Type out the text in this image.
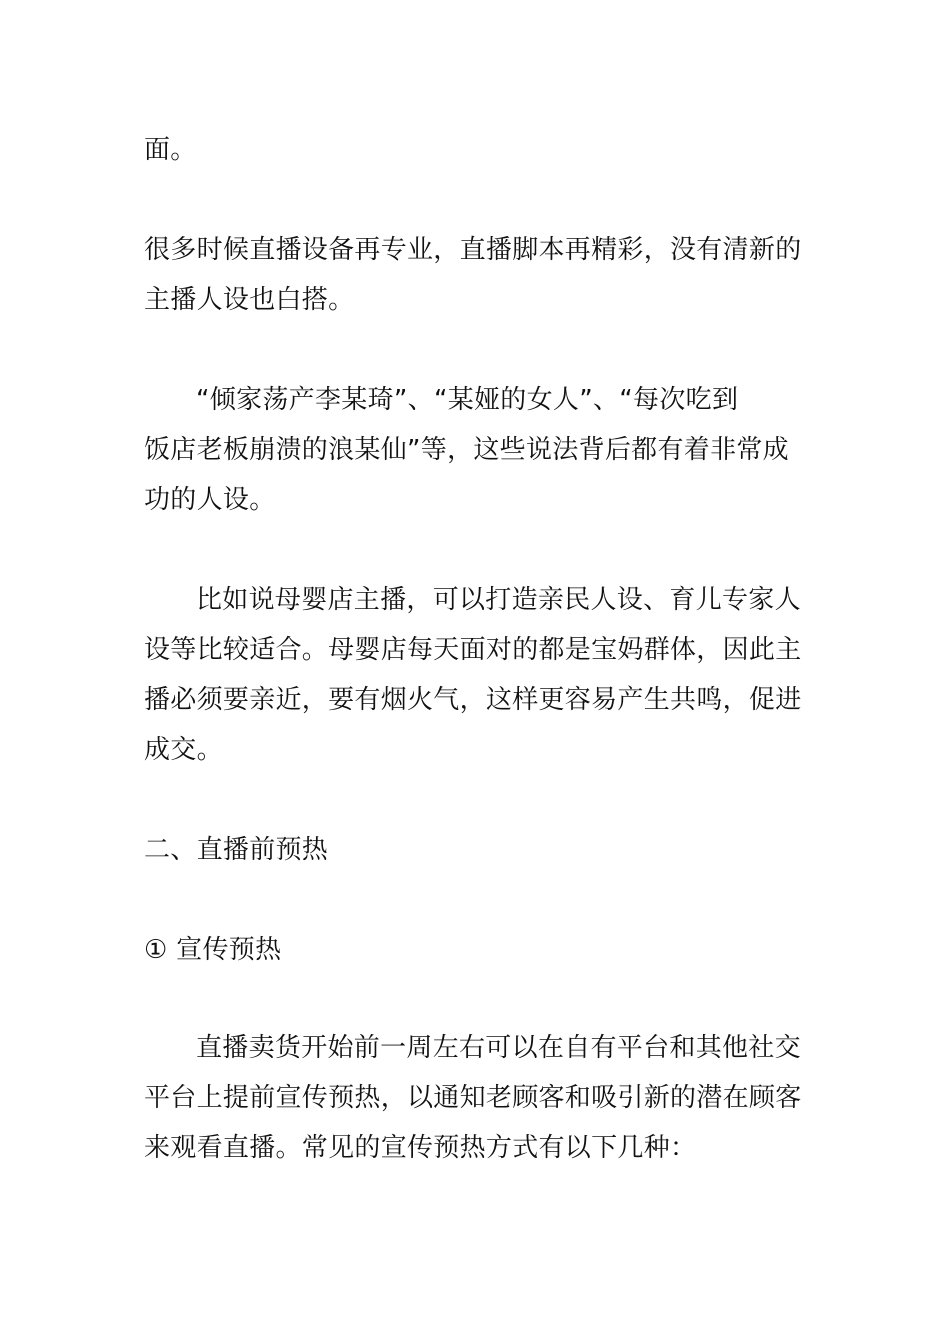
面。
很多时候直播设备再专业，直播脚本再精彩，没有清新的
主播人设也白搭。
“倾家荡产李某琦”、“某娅的女人”、“每次吃到
饭店老板崩溃的浪某仙”等，这些说法背后都有着非常成
功的人设。
比如说母婴店主播，可以打造亲民人设、育儿专家人
设等比较适合。母婴店每天面对的都是宝妈群体，因此主
播必须要亲近，要有烟火气，这样更容易产生共鸣，促进
成交。
二、直播前预热
① 宣传预热
直播卖货开始前一周左右可以在自有平台和其他社交
平台上提前宣传预热，以通知老顾客和吸引新的潜在顾客
来观看直播。常见的宣传预热方式有以下几种：
